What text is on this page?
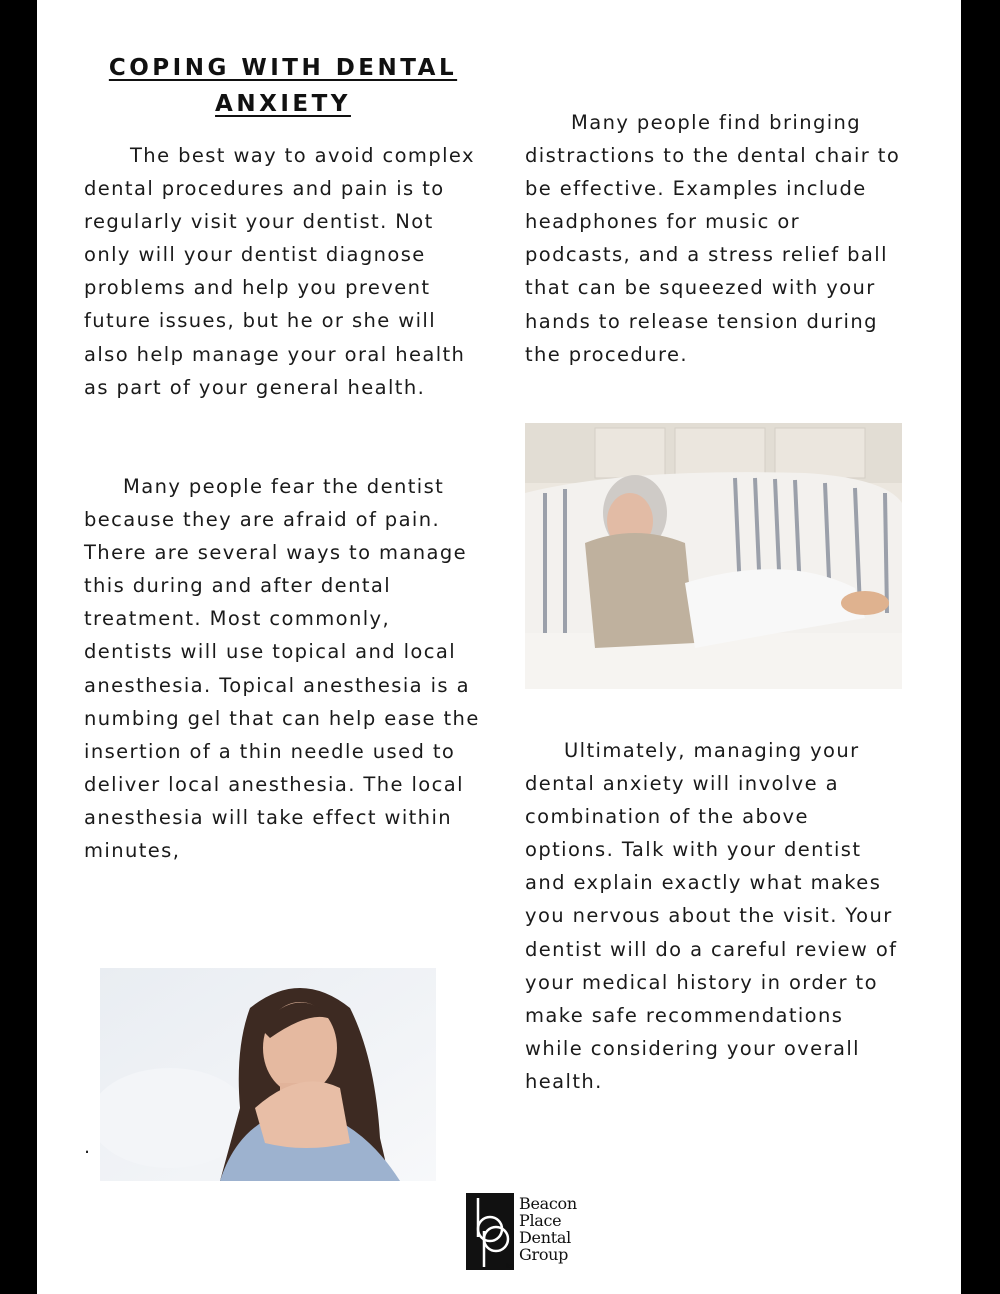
COPING WITH DENTAL ANXIETY

The best way to avoid complex dental procedures and pain is to regularly visit your dentist. Not only will your dentist diagnose problems and help you prevent future issues, but he or she will also help manage your oral health as part of your general health.

Many people fear the dentist because they are afraid of pain. There are several ways to manage this during and after dental treatment. Most commonly, dentists will use topical and local anesthesia. Topical anesthesia is a numbing gel that can help ease the insertion of a thin needle used to deliver local anesthesia. The local anesthesia will take effect within minutes,

.

Many people find bringing distractions to the dental chair to be effective. Examples include headphones for music or podcasts, and a stress relief ball that can be squeezed with your hands to release tension during the procedure.

Ultimately, managing your dental anxiety will involve a combination of the above options. Talk with your dentist and explain exactly what makes you nervous about the visit. Your dentist will do a careful review of your medical history in order to make safe recommendations while considering your overall health.

bp
Beacon
Place
Dental
Group
